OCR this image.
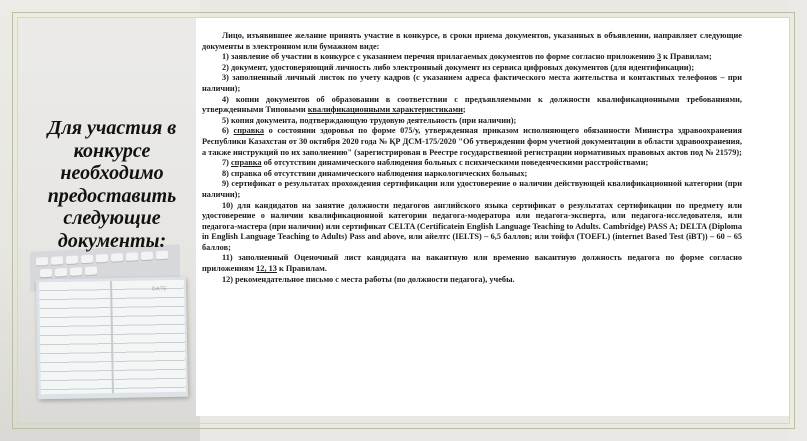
DATE
Для участия в конкурсе необходимо предоставить следующие документы:

Лицо, изъявившее желание принять участие в конкурсе, в сроки приема документов, указанных в объявлении, направляет следующие документы в электронном или бумажном виде:

1) заявление об участии в конкурсе с указанием перечня прилагаемых документов по форме согласно приложению 3 к Правилам;

2) документ, удостоверяющий личность либо электронный документ из сервиса цифровых документов (для идентификации);

3) заполненный личный листок по учету кадров (с указанием адреса фактического места жительства и контактных телефонов – при наличии);

4) копии документов об образовании в соответствии с предъявляемыми к должности квалификационными требованиями, утвержденными Типовыми квалификационными характеристиками;

5) копия документа, подтверждающую трудовую деятельность (при наличии);

6) справка о состоянии здоровья по форме 075/у, утвержденная приказом исполняющего обязанности Министра здравоохранения Республики Казахстан от 30 октября 2020 года № ҚР ДСМ-175/2020 "Об утверждении форм учетной документации в области здравоохранения, а также инструкций по их заполнению" (зарегистрирован в Реестре государственной регистрации нормативных правовых актов под № 21579);

7) справка об отсутствии динамического наблюдения больных с психическими поведенческими расстройствами;

8) справка об отсутствии динамического наблюдения наркологических больных;

9) сертификат о результатах прохождения сертификации или удостоверение о наличии действующей квалификационной категории (при наличии);

10) для кандидатов на занятие должности педагогов английского языка сертификат о результатах сертификации по предмету или удостоверение о наличии квалификационной категории педагога-модератора или педагога-эксперта, или педагога-исследователя, или педагога-мастера (при наличии) или сертификат CELTA (Certificatein English Language Teaching to Adults. Cambridge) PASS A; DELTA (Diploma in English Language Teaching to Adults) Pass and above, или айелтс (IELTS) – 6,5 баллов; или тойфл (TOEFL) (internet Based Test (iBT)) – 60 – 65 баллов;

11) заполненный Оценочный лист кандидата на вакантную или временно вакантную должность педагога по форме согласно приложениям 12, 13 к Правилам.

12) рекомендательное письмо с места работы (по должности педагога), учебы.
